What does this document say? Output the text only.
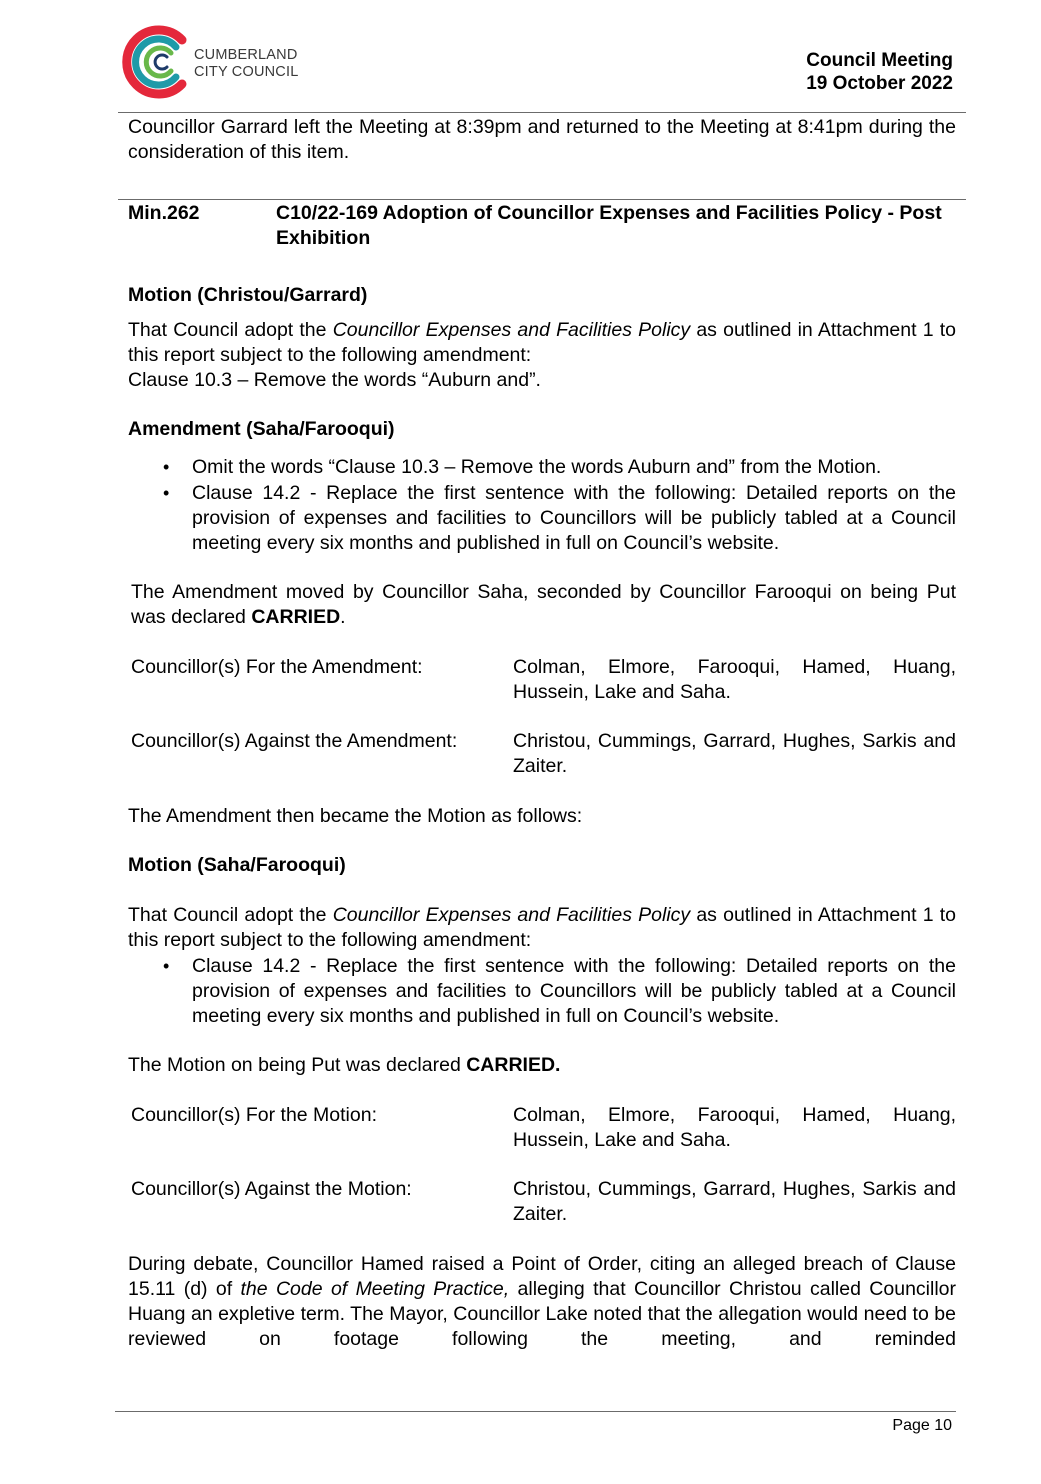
CUMBERLAND
CITY COUNCIL
Council Meeting
19 October 2022
Councillor Garrard left the Meeting at 8:39pm and returned to the Meeting at 8:41pm during the consideration of this item.
Min.262	C10/22-169 Adoption of Councillor Expenses and Facilities Policy - Post Exhibition
Motion (Christou/Garrard)
That Council adopt the Councillor Expenses and Facilities Policy as outlined in Attachment 1 to this report subject to the following amendment:
Clause 10.3 – Remove the words “Auburn and”.
Amendment (Saha/Farooqui)
• Omit the words “Clause 10.3 – Remove the words Auburn and” from the Motion.
• Clause 14.2 - Replace the first sentence with the following: Detailed reports on the provision of expenses and facilities to Councillors will be publicly tabled at a Council meeting every six months and published in full on Council’s website.
The Amendment moved by Councillor Saha, seconded by Councillor Farooqui on being Put was declared CARRIED.
Councillor(s) For the Amendment:	Colman, Elmore, Farooqui, Hamed, Huang, Hussein, Lake and Saha.
Councillor(s) Against the Amendment:	Christou, Cummings, Garrard, Hughes, Sarkis and Zaiter.
The Amendment then became the Motion as follows:
Motion (Saha/Farooqui)
That Council adopt the Councillor Expenses and Facilities Policy as outlined in Attachment 1 to this report subject to the following amendment:
• Clause 14.2 - Replace the first sentence with the following: Detailed reports on the provision of expenses and facilities to Councillors will be publicly tabled at a Council meeting every six months and published in full on Council’s website.
The Motion on being Put was declared CARRIED.
Councillor(s) For the Motion:	Colman, Elmore, Farooqui, Hamed, Huang, Hussein, Lake and Saha.
Councillor(s) Against the Motion:	Christou, Cummings, Garrard, Hughes, Sarkis and Zaiter.
During debate, Councillor Hamed raised a Point of Order, citing an alleged breach of Clause 15.11 (d) of the Code of Meeting Practice, alleging that Councillor Christou called Councillor Huang an expletive term. The Mayor, Councillor Lake noted that the allegation would need to be reviewed on footage following the meeting, and reminded
Page 10
